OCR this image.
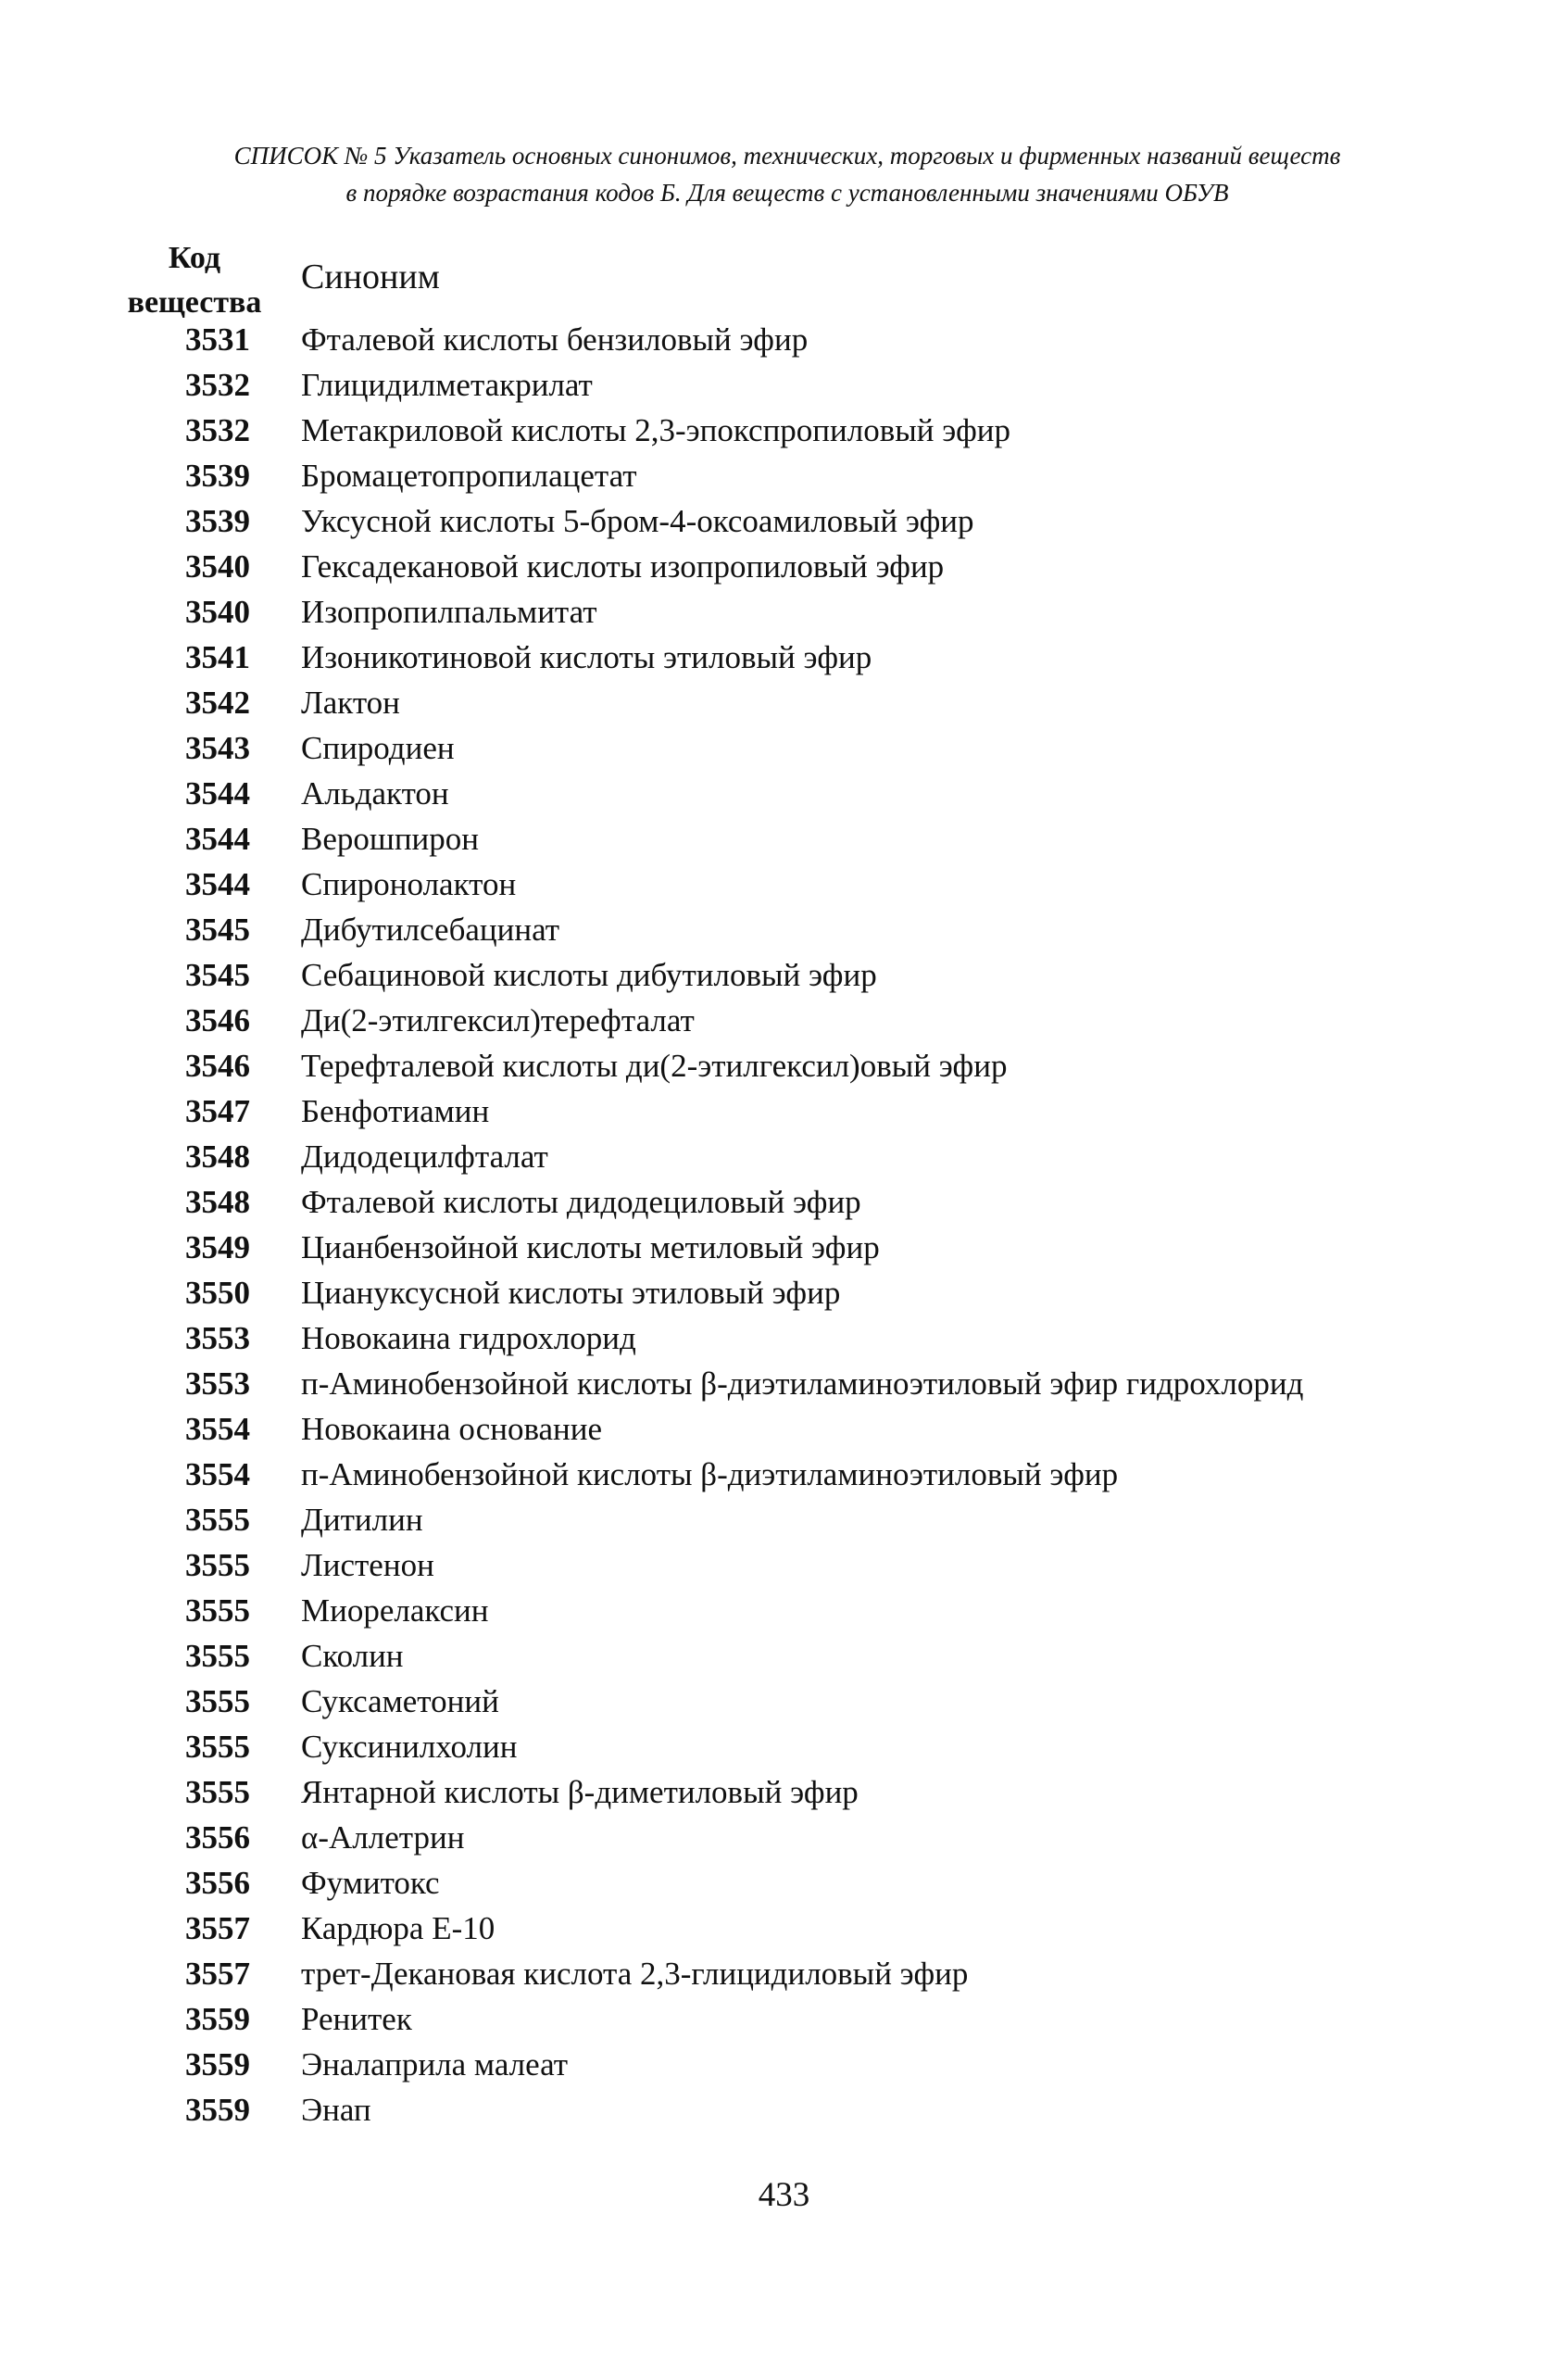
СПИСОК № 5 Указатель основных синонимов, технических, торговых и фирменных названий веществ
в порядке возрастания кодов Б. Для веществ с установленными значениями ОБУВ
Код
вещества
Синоним
3531 Фталевой кислоты бензиловый эфир
3532 Глицидилметакрилат
3532 Метакриловой кислоты 2,3-эпокспропиловый эфир
3539 Бромацетопропилацетат
3539 Уксусной кислоты 5-бром-4-оксоамиловый эфир
3540 Гексадекановой кислоты изопропиловый эфир
3540 Изопропилпальмитат
3541 Изоникотиновой кислоты этиловый эфир
3542 Лактон
3543 Спиродиен
3544 Альдактон
3544 Верошпирон
3544 Спиронолактон
3545 Дибутилсебацинат
3545 Себациновой кислоты дибутиловый эфир
3546 Ди(2-этилгексил)терефталат
3546 Терефталевой кислоты ди(2-этилгексил)овый эфир
3547 Бенфотиамин
3548 Дидодецилфталат
3548 Фталевой кислоты дидодециловый эфир
3549 Цианбензойной кислоты метиловый эфир
3550 Циануксусной кислоты этиловый эфир
3553 Новокаина гидрохлорид
3553 п-Аминобензойной кислоты β-диэтиламиноэтиловый эфир гидрохлорид
3554 Новокаина основание
3554 п-Аминобензойной кислоты β-диэтиламиноэтиловый эфир
3555 Дитилин
3555 Листенон
3555 Миорелаксин
3555 Сколин
3555 Суксаметоний
3555 Суксинилхолин
3555 Янтарной кислоты β-диметиловый эфир
3556 α-Аллетрин
3556 Фумитокс
3557 Кардюра Е-10
3557 трет-Декановая кислота 2,3-глицидиловый эфир
3559 Ренитек
3559 Эналаприла малеат
3559 Энап
433
